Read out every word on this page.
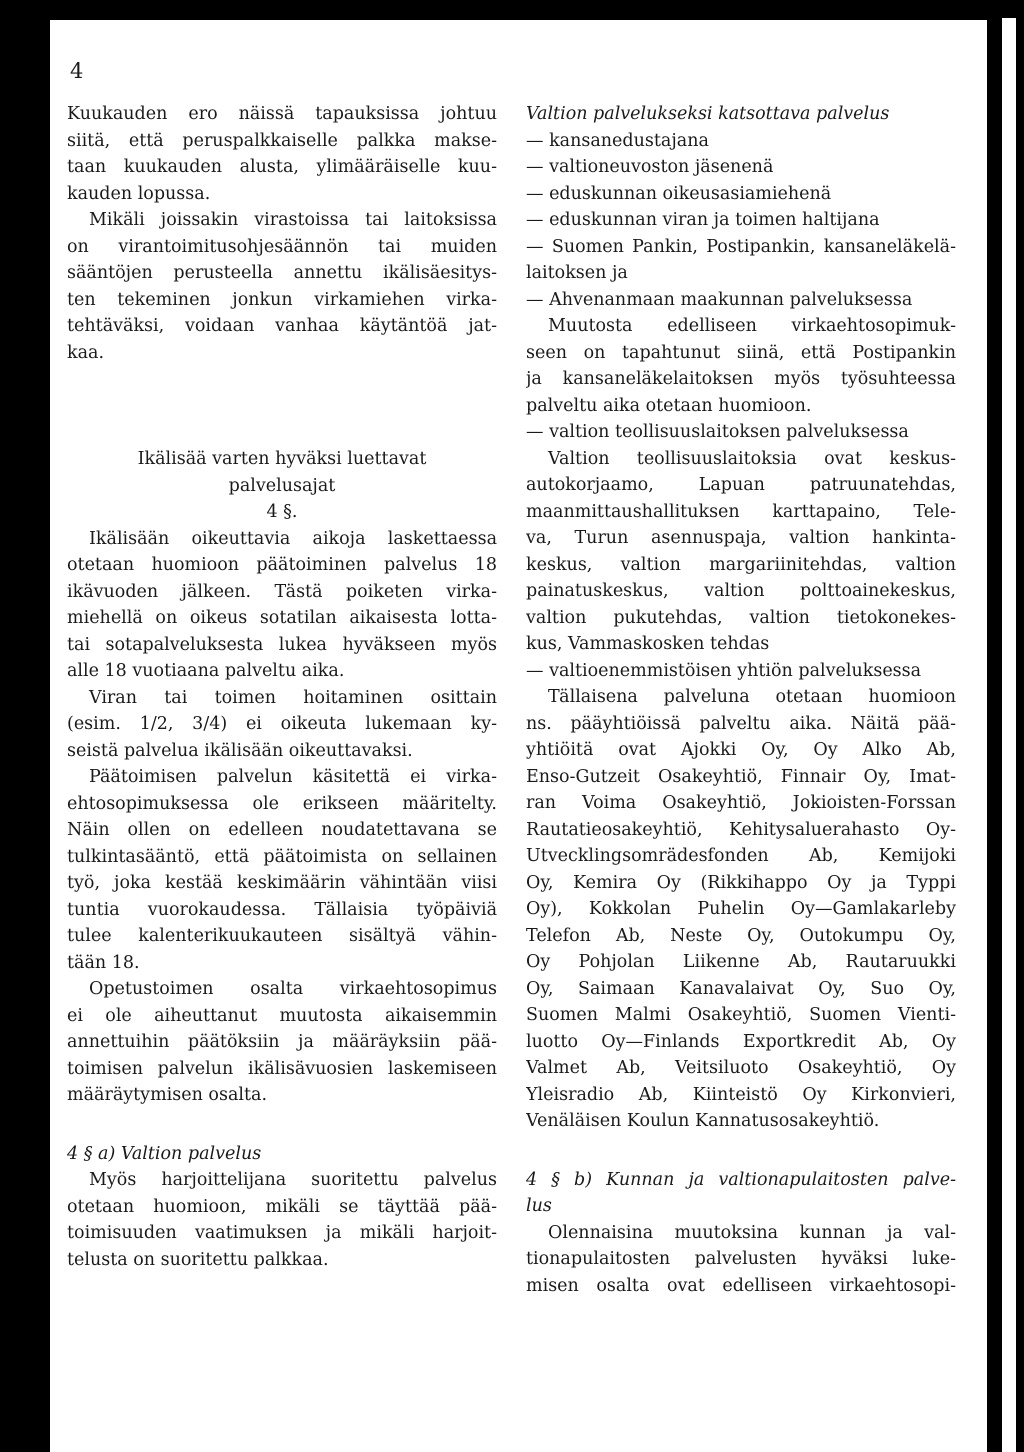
4
Kuukauden ero näissä tapauksissa johtuu
siitä, että peruspalkkaiselle palkka makse-
taan kuukauden alusta, ylimääräiselle kuu-
kauden lopussa.
Mikäli joissakin virastoissa tai laitoksissa
on virantoimitusohjesäännön tai muiden
sääntöjen perusteella annettu ikälisäesitys-
ten tekeminen jonkun virkamiehen virka-
tehtäväksi, voidaan vanhaa käytäntöä jat-
kaa.
Ikälisää varten hyväksi luettavat
palvelusajat
4 §.
Ikälisään oikeuttavia aikoja laskettaessa
otetaan huomioon päätoiminen palvelus 18
ikävuoden jälkeen. Tästä poiketen virka-
miehellä on oikeus sotatilan aikaisesta lotta-
tai sotapalveluksesta lukea hyväkseen myös
alle 18 vuotiaana palveltu aika.
Viran tai toimen hoitaminen osittain
(esim. 1/2, 3/4) ei oikeuta lukemaan ky-
seistä palvelua ikälisään oikeuttavaksi.
Päätoimisen palvelun käsitettä ei virka-
ehtosopimuksessa ole erikseen määritelty.
Näin ollen on edelleen noudatettavana se
tulkintasääntö, että päätoimista on sellainen
työ, joka kestää keskimäärin vähintään viisi
tuntia vuorokaudessa. Tällaisia työpäiviä
tulee kalenterikuukauteen sisältyä vähin-
tään 18.
Opetustoimen osalta virkaehtosopimus
ei ole aiheuttanut muutosta aikaisemmin
annettuihin päätöksiin ja määräyksiin pää-
toimisen palvelun ikälisävuosien laskemiseen
määräytymisen osalta.
4 § a) Valtion palvelus
Myös harjoittelijana suoritettu palvelus
otetaan huomioon, mikäli se täyttää pää-
toimisuuden vaatimuksen ja mikäli harjoit-
telusta on suoritettu palkkaa.
Valtion palvelukseksi katsottava palvelus
— kansanedustajana
— valtioneuvoston jäsenenä
— eduskunnan oikeusasiamiehenä
— eduskunnan viran ja toimen haltijana
— Suomen Pankin, Postipankin, kansaneläkelä-
laitoksen ja
— Ahvenanmaan maakunnan palveluksessa
Muutosta edelliseen virkaehtosopimuk-
seen on tapahtunut siinä, että Postipankin
ja kansaneläkelaitoksen myös työsuhteessa
palveltu aika otetaan huomioon.
— valtion teollisuuslaitoksen palveluksessa
Valtion teollisuuslaitoksia ovat keskus-
autokorjaamo, Lapuan patruunatehdas,
maanmittaushallituksen karttapaino, Tele-
va, Turun asennuspaja, valtion hankinta-
keskus, valtion margariinitehdas, valtion
painatuskeskus, valtion polttoainekeskus,
valtion pukutehdas, valtion tietokonekes-
kus, Vammaskosken tehdas
— valtioenemmistöisen yhtiön palveluksessa
Tällaisena palveluna otetaan huomioon
ns. pääyhtiöissä palveltu aika. Näitä pää-
yhtiöitä ovat Ajokki Oy, Oy Alko Ab,
Enso-Gutzeit Osakeyhtiö, Finnair Oy, Imat-
ran Voima Osakeyhtiö, Jokioisten-Forssan
Rautatieosakeyhtiö, Kehitysaluerahasto Oy-
Utvecklingsomrädesfonden Ab, Kemijoki
Oy, Kemira Oy (Rikkihappo Oy ja Typpi
Oy), Kokkolan Puhelin Oy—Gamlakarleby
Telefon Ab, Neste Oy, Outokumpu Oy,
Oy Pohjolan Liikenne Ab, Rautaruukki
Oy, Saimaan Kanavalaivat Oy, Suo Oy,
Suomen Malmi Osakeyhtiö, Suomen Vienti-
luotto Oy—Finlands Exportkredit Ab, Oy
Valmet Ab, Veitsiluoto Osakeyhtiö, Oy
Yleisradio Ab, Kiinteistö Oy Kirkonvieri,
Venäläisen Koulun Kannatusosakeyhtiö.
4 § b) Kunnan ja valtionapulaitosten palve-
lus
Olennaisina muutoksina kunnan ja val-
tionapulaitosten palvelusten hyväksi luke-
misen osalta ovat edelliseen virkaehtosopi-
